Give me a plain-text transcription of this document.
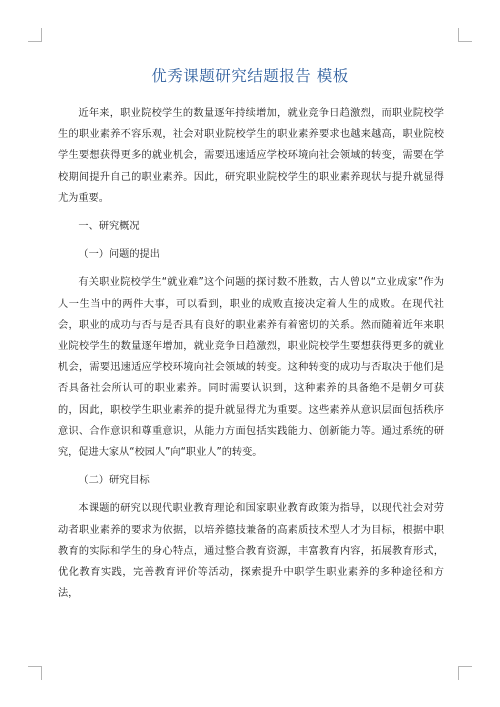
优秀课题研究结题报告 模板

近年来，职业院校学生的数量逐年持续增加，就业竞争日趋激烈，而职业院校学生的职业素养不容乐观，社会对职业院校学生的职业素养要求也越来越高，职业院校学生要想获得更多的就业机会，需要迅速适应学校环境向社会领域的转变，需要在学校期间提升自己的职业素养。因此，研究职业院校学生的职业素养现状与提升就显得尤为重要。

一、研究概况

（一）问题的提出

有关职业院校学生“就业难”这个问题的探讨数不胜数，古人曾以“立业成家”作为人一生当中的两件大事，可以看到，职业的成败直接决定着人生的成败。在现代社会，职业的成功与否与是否具有良好的职业素养有着密切的关系。然而随着近年来职业院校学生的数量逐年增加，就业竞争日趋激烈，职业院校学生要想获得更多的就业机会，需要迅速适应学校环境向社会领域的转变。这种转变的成功与否取决于他们是否具备社会所认可的职业素养。同时需要认识到，这种素养的具备绝不是朝夕可获的，因此，职校学生职业素养的提升就显得尤为重要。这些素养从意识层面包括秩序意识、合作意识和尊重意识，从能力方面包括实践能力、创新能力等。通过系统的研究，促进大家从“校园人”向“职业人”的转变。

（二）研究目标

本课题的研究以现代职业教育理论和国家职业教育政策为指导，以现代社会对劳动者职业素养的要求为依据，以培养德技兼备的高素质技术型人才为目标，根据中职教育的实际和学生的身心特点，通过整合教育资源，丰富教育内容，拓展教育形式，优化教育实践，完善教育评价等活动，探索提升中职学生职业素养的多种途径和方法，
